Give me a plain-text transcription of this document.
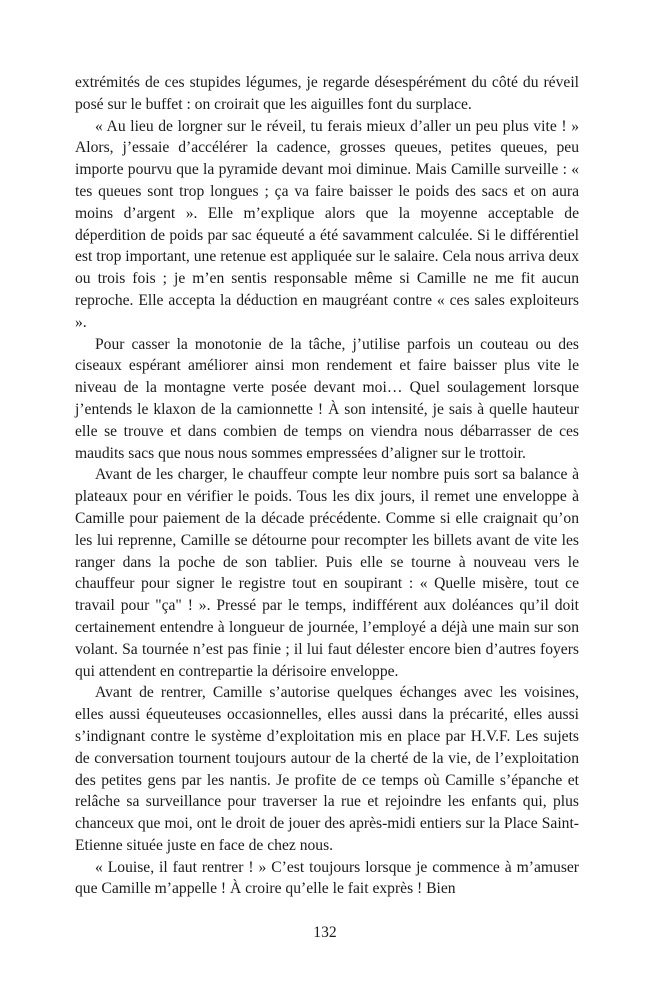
extrémités de ces stupides légumes, je regarde désespérément du côté du réveil posé sur le buffet : on croirait que les aiguilles font du surplace.

« Au lieu de lorgner sur le réveil, tu ferais mieux d’aller un peu plus vite ! » Alors, j’essaie d’accélérer la cadence, grosses queues, petites queues, peu importe pourvu que la pyramide devant moi diminue. Mais Camille surveille : « tes queues sont trop longues ; ça va faire baisser le poids des sacs et on aura moins d’argent ». Elle m’explique alors que la moyenne acceptable de déperdition de poids par sac équeuté a été savamment calculée. Si le différentiel est trop important, une retenue est appliquée sur le salaire. Cela nous arriva deux ou trois fois ; je m’en sentis responsable même si Camille ne me fit aucun reproche. Elle accepta la déduction en maugréant contre « ces sales exploiteurs ».

Pour casser la monotonie de la tâche, j’utilise parfois un couteau ou des ciseaux espérant améliorer ainsi mon rendement et faire baisser plus vite le niveau de la montagne verte posée devant moi… Quel soulagement lorsque j’entends le klaxon de la camionnette ! À son intensité, je sais à quelle hauteur elle se trouve et dans combien de temps on viendra nous débarrasser de ces maudits sacs que nous nous sommes empressées d’aligner sur le trottoir.

Avant de les charger, le chauffeur compte leur nombre puis sort sa balance à plateaux pour en vérifier le poids. Tous les dix jours, il remet une enveloppe à Camille pour paiement de la décade précédente. Comme si elle craignait qu’on les lui reprenne, Camille se détourne pour recompter les billets avant de vite les ranger dans la poche de son tablier. Puis elle se tourne à nouveau vers le chauffeur pour signer le registre tout en soupirant : « Quelle misère, tout ce travail pour "ça" ! ». Pressé par le temps, indifférent aux doléances qu’il doit certainement entendre à longueur de journée, l’employé a déjà une main sur son volant. Sa tournée n’est pas finie ; il lui faut délester encore bien d’autres foyers qui attendent en contrepartie la dérisoire enveloppe.

Avant de rentrer, Camille s’autorise quelques échanges avec les voisines, elles aussi équeuteuses occasionnelles, elles aussi dans la précarité, elles aussi s’indignant contre le système d’exploitation mis en place par H.V.F. Les sujets de conversation tournent toujours autour de la cherté de la vie, de l’exploitation des petites gens par les nantis. Je profite de ce temps où Camille s’épanche et relâche sa surveillance pour traverser la rue et rejoindre les enfants qui, plus chanceux que moi, ont le droit de jouer des après-midi entiers sur la Place Saint-Etienne située juste en face de chez nous.

« Louise, il faut rentrer ! » C’est toujours lorsque je commence à m’amuser que Camille m’appelle ! À croire qu’elle le fait exprès ! Bien

132
